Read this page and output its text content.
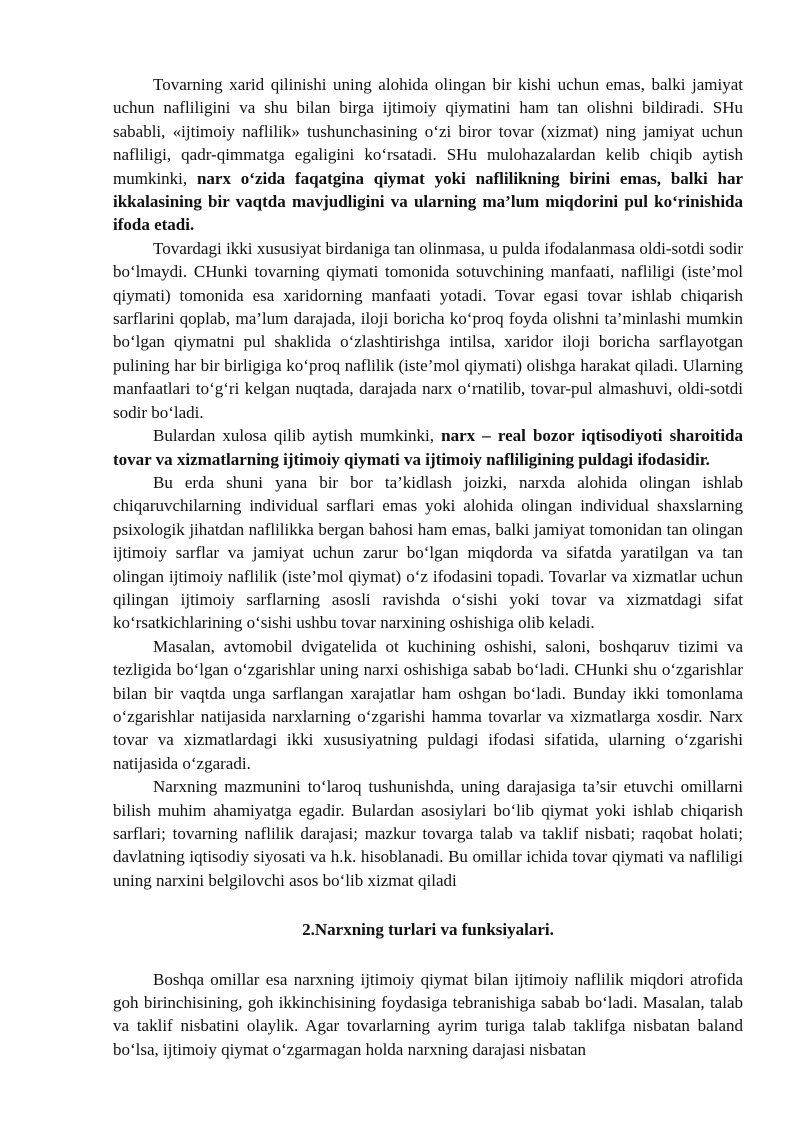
Tovarning xarid qilinishi uning alohida olingan bir kishi uchun emas, balki jamiyat uchun nafliligini va shu bilan birga ijtimoiy qiymatini ham tan olishni bildiradi. SHu sababli, «ijtimoiy naflilik» tushunchasining o‘zi biror tovar (xizmat) ning jamiyat uchun nafliligi, qadr-qimmatga egaligini ko‘rsatadi. SHu mulohazalardan kelib chiqib aytish mumkinki, narx o‘zida faqatgina qiymat yoki naflilikning birini emas, balki har ikkalasining bir vaqtda mavjudligini va ularning ma’lum miqdorini pul ko‘rinishida ifoda etadi.

Tovardagi ikki xususiyat birdaniga tan olinmasa, u pulda ifodalanmasa oldi-sotdi sodir bo‘lmaydi. CHunki tovarning qiymati tomonida sotuvchining manfaati, nafliligi (iste’mol qiymati) tomonida esa xaridorning manfaati yotadi. Tovar egasi tovar ishlab chiqarish sarflarini qoplab, ma’lum darajada, iloji boricha ko‘proq foyda olishni ta’minlashi mumkin bo‘lgan qiymatni pul shaklida o‘zlashtirishga intilsa, xaridor iloji boricha sarflayotgan pulining har bir birligiga ko‘proq naflilik (iste’mol qiymati) olishga harakat qiladi. Ularning manfaatlari to‘g‘ri kelgan nuqtada, darajada narx o‘rnatilib, tovar-pul almashuvi, oldi-sotdi sodir bo‘ladi.

Bulardan xulosa qilib aytish mumkinki, narx – real bozor iqtisodiyoti sharoitida tovar va xizmatlarning ijtimoiy qiymati va ijtimoiy nafliligining puldagi ifodasidir.

Bu erda shuni yana bir bor ta’kidlash joizki, narxda alohida olingan ishlab chiqaruvchilarning individual sarflari emas yoki alohida olingan individual shaxslarning psixologik jihatdan naflilikka bergan bahosi ham emas, balki jamiyat tomonidan tan olingan ijtimoiy sarflar va jamiyat uchun zarur bo‘lgan miqdorda va sifatda yaratilgan va tan olingan ijtimoiy naflilik (iste’mol qiymat) o‘z ifodasini topadi. Tovarlar va xizmatlar uchun qilingan ijtimoiy sarflarning asosli ravishda o‘sishi yoki tovar va xizmatdagi sifat ko‘rsatkichlarining o‘sishi ushbu tovar narxining oshishiga olib keladi.

Masalan, avtomobil dvigatelida ot kuchining oshishi, saloni, boshqaruv tizimi va tezligida bo‘lgan o‘zgarishlar uning narxi oshishiga sabab bo‘ladi. CHunki shu o‘zgarishlar bilan bir vaqtda unga sarflangan xarajatlar ham oshgan bo‘ladi. Bunday ikki tomonlama o‘zgarishlar natijasida narxlarning o‘zgarishi hamma tovarlar va xizmatlarga xosdir. Narx tovar va xizmatlardagi ikki xususiyatning puldagi ifodasi sifatida, ularning o‘zgarishi natijasida o‘zgaradi.

Narxning mazmunini to‘laroq tushunishda, uning darajasiga ta’sir etuvchi omillarni bilish muhim ahamiyatga egadir. Bulardan asosiylari bo‘lib qiymat yoki ishlab chiqarish sarflari; tovarning naflilik darajasi; mazkur tovarga talab va taklif nisbati; raqobat holati; davlatning iqtisodiy siyosati va h.k. hisoblanadi. Bu omillar ichida tovar qiymati va nafliligi uning narxini belgilovchi asos bo‘lib xizmat qiladi

2.Narxning turlari va funksiyalari.

Boshqa omillar esa narxning ijtimoiy qiymat bilan ijtimoiy naflilik miqdori atrofida goh birinchisining, goh ikkinchisining foydasiga tebranishiga sabab bo‘ladi. Masalan, talab va taklif nisbatini olaylik. Agar tovarlarning ayrim turiga talab taklifga nisbatan baland bo‘lsa, ijtimoiy qiymat o‘zgarmagan holda narxning darajasi nisbatan
